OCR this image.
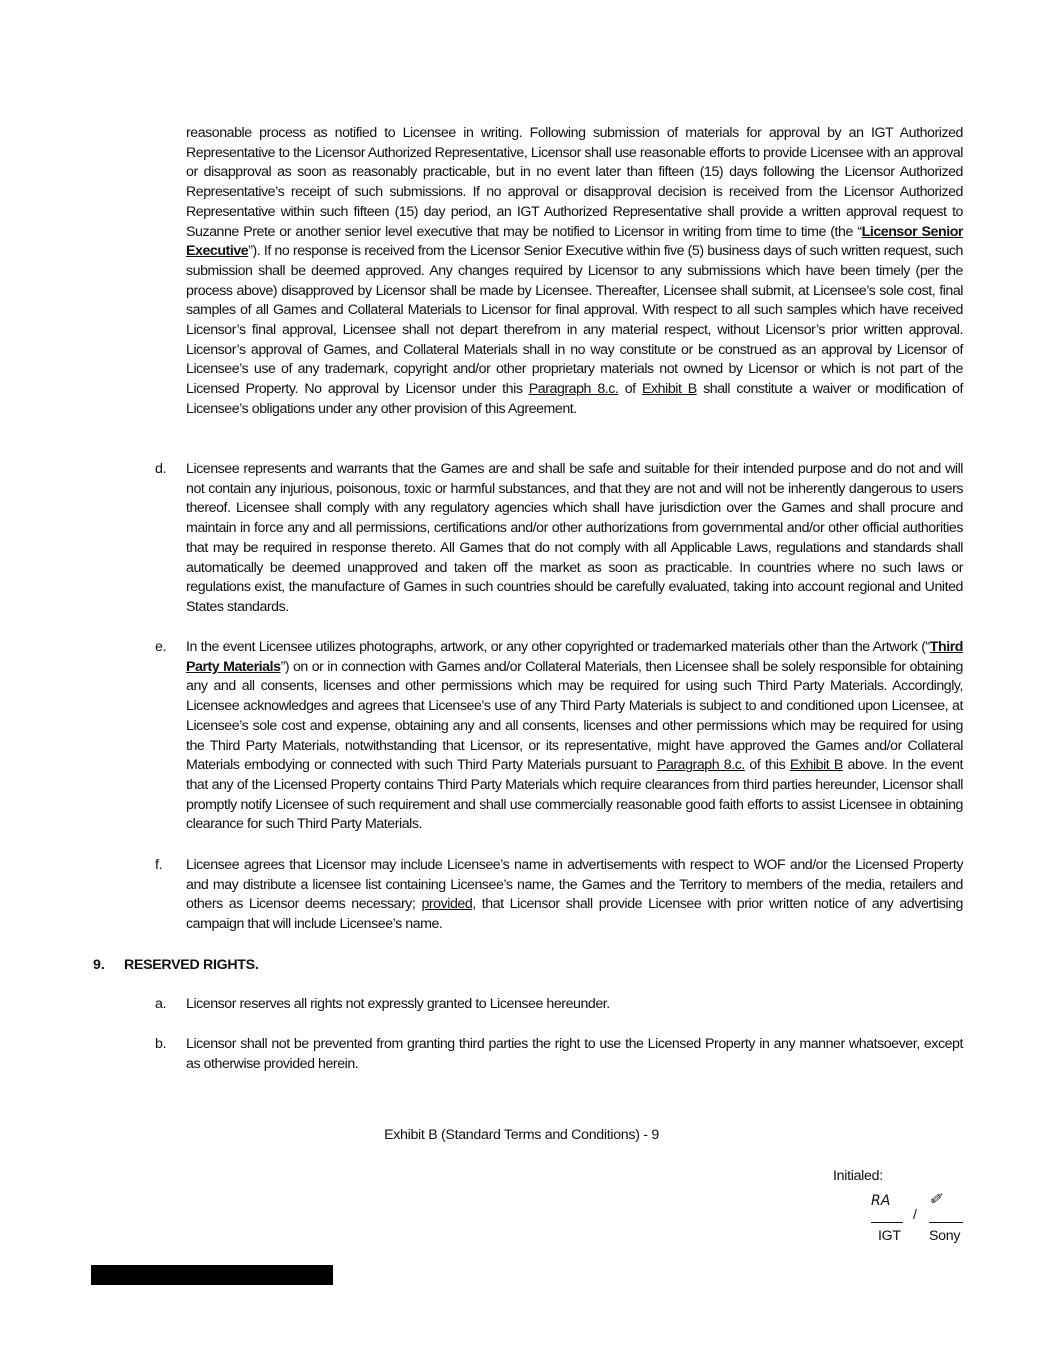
reasonable process as notified to Licensee in writing. Following submission of materials for approval by an IGT Authorized Representative to the Licensor Authorized Representative, Licensor shall use reasonable efforts to provide Licensee with an approval or disapproval as soon as reasonably practicable, but in no event later than fifteen (15) days following the Licensor Authorized Representative’s receipt of such submissions. If no approval or disapproval decision is received from the Licensor Authorized Representative within such fifteen (15) day period, an IGT Authorized Representative shall provide a written approval request to Suzanne Prete or another senior level executive that may be notified to Licensor in writing from time to time (the “Licensor Senior Executive”). If no response is received from the Licensor Senior Executive within five (5) business days of such written request, such submission shall be deemed approved. Any changes required by Licensor to any submissions which have been timely (per the process above) disapproved by Licensor shall be made by Licensee. Thereafter, Licensee shall submit, at Licensee’s sole cost, final samples of all Games and Collateral Materials to Licensor for final approval. With respect to all such samples which have received Licensor’s final approval, Licensee shall not depart therefrom in any material respect, without Licensor’s prior written approval. Licensor’s approval of Games, and Collateral Materials shall in no way constitute or be construed as an approval by Licensor of Licensee’s use of any trademark, copyright and/or other proprietary materials not owned by Licensor or which is not part of the Licensed Property. No approval by Licensor under this Paragraph 8.c. of Exhibit B shall constitute a waiver or modification of Licensee’s obligations under any other provision of this Agreement.

d. Licensee represents and warrants that the Games are and shall be safe and suitable for their intended purpose and do not and will not contain any injurious, poisonous, toxic or harmful substances, and that they are not and will not be inherently dangerous to users thereof. Licensee shall comply with any regulatory agencies which shall have jurisdiction over the Games and shall procure and maintain in force any and all permissions, certifications and/or other authorizations from governmental and/or other official authorities that may be required in response thereto. All Games that do not comply with all Applicable Laws, regulations and standards shall automatically be deemed unapproved and taken off the market as soon as practicable. In countries where no such laws or regulations exist, the manufacture of Games in such countries should be carefully evaluated, taking into account regional and United States standards.

e. In the event Licensee utilizes photographs, artwork, or any other copyrighted or trademarked materials other than the Artwork (“Third Party Materials”) on or in connection with Games and/or Collateral Materials, then Licensee shall be solely responsible for obtaining any and all consents, licenses and other permissions which may be required for using such Third Party Materials. Accordingly, Licensee acknowledges and agrees that Licensee’s use of any Third Party Materials is subject to and conditioned upon Licensee, at Licensee’s sole cost and expense, obtaining any and all consents, licenses and other permissions which may be required for using the Third Party Materials, notwithstanding that Licensor, or its representative, might have approved the Games and/or Collateral Materials embodying or connected with such Third Party Materials pursuant to Paragraph 8.c. of this Exhibit B above. In the event that any of the Licensed Property contains Third Party Materials which require clearances from third parties hereunder, Licensor shall promptly notify Licensee of such requirement and shall use commercially reasonable good faith efforts to assist Licensee in obtaining clearance for such Third Party Materials.

f. Licensee agrees that Licensor may include Licensee’s name in advertisements with respect to WOF and/or the Licensed Property and may distribute a licensee list containing Licensee’s name, the Games and the Territory to members of the media, retailers and others as Licensor deems necessary; provided, that Licensor shall provide Licensee with prior written notice of any advertising campaign that will include Licensee’s name.

9. RESERVED RIGHTS.
a. Licensor reserves all rights not expressly granted to Licensee hereunder.

b. Licensor shall not be prevented from granting third parties the right to use the Licensed Property in any manner whatsoever, except as otherwise provided herein.

Exhibit B (Standard Terms and Conditions) - 9
Initialed:
RA	✐
/
IGT Sony
